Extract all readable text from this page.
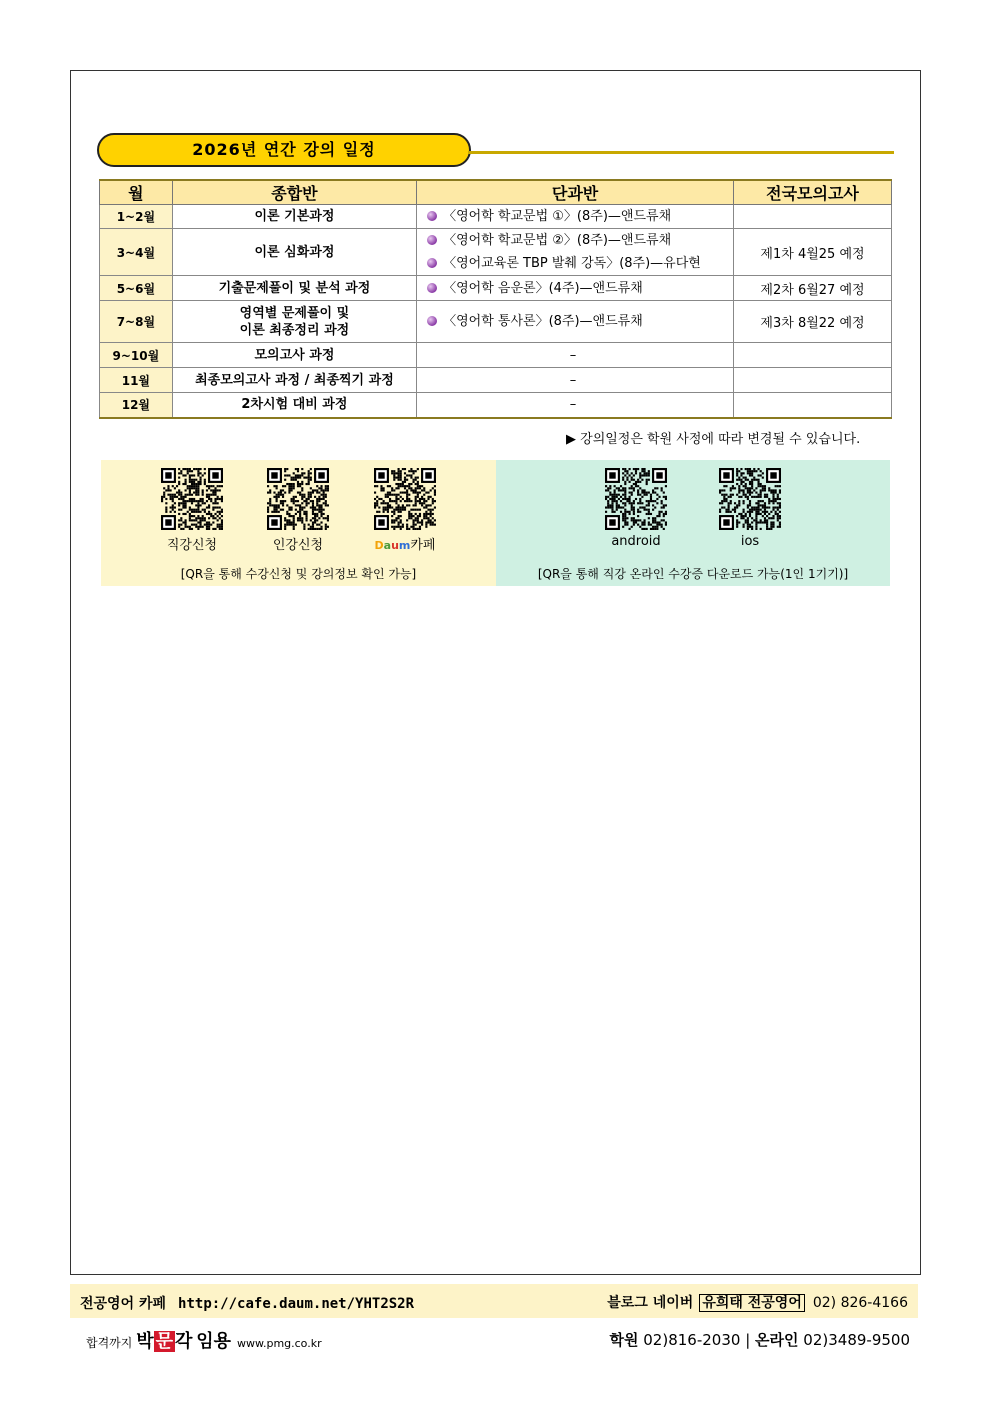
2026년 연간 강의 일정
월	종합반	단과반	전국모의고사
1~2월	이론 기본과정	〈영어학 학교문법 ①〉(8주)—앤드류채	
3~4월	이론 심화과정	〈영어학 학교문법 ②〉(8주)—앤드류채
〈영어교육론 TBP 발췌 강독〉(8주)—유다현	제1차 4월25 예정
5~6월	기출문제풀이 및 분석 과정	〈영어학 음운론〉(4주)—앤드류채	제2차 6월27 예정
7~8월	영역별 문제풀이 및
이론 최종정리 과정	〈영어학 통사론〉(8주)—앤드류채	제3차 8월22 예정
9~10월	모의고사 과정	–	
11월	최종모의고사 과정 / 최종찍기 과정	–	
12월	2차시험 대비 과정	–	
▶ 강의일정은 학원 사정에 따라 변경될 수 있습니다.
직강신청	인강신청	Daum카페
[QR을 통해 수강신청 및 강의정보 확인 가능]
android	ios
[QR을 통해 직강 온라인 수강증 다운로드 가능(1인 1기기)]
전공영어 카페 http://cafe.daum.net/YHT2S2R	블로그 네이버 유희태 전공영어 02) 826-4166
합격까지 박 문 각 임용 www.pmg.co.kr	학원 02)816-2030 | 온라인 02)3489-9500
